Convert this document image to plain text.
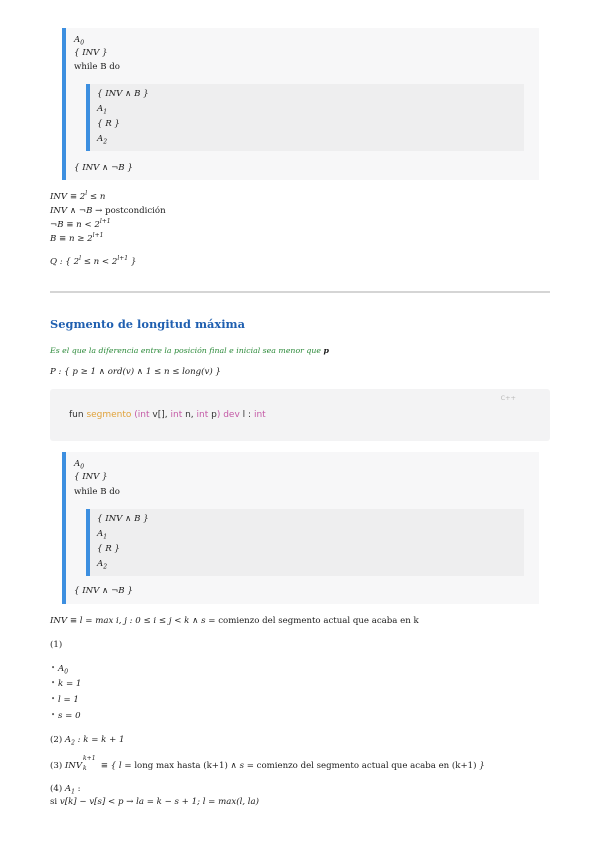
$A_0$
{ INV }
while B do
{ INV ∧ B }
$A_1$
{ R }
$A_2$
{ INV ∧ ¬B }
INV ≡ $2^l \le n$
INV ∧ ¬B → postcondición
¬B ≡ $n < 2^{l+1}$
$B \equiv n \ge 2^{l+1}$
Q : { $2^l \le n < 2^{l+1}$ }
Segmento de longitud máxima
Es el que la diferencia entre la posición final e inicial sea menor que p
P : { p ≥ 1 ∧ ord(v) ∧ 1 ≤ n ≤ long(v) }
C++
fun segmento (int v[], int n, int p) dev l : int
$A_0$
{ INV }
while B do
{ INV ∧ B }
$A_1$
{ R }
$A_2$
{ INV ∧ ¬B }
INV ≡ l = max i, j : 0 ≤ i ≤ j < k ∧ s = comienzo del segmento actual que acaba en k
(1)
• $A_0$
• k = 1
• l = 1
• s = 0
(2) $A_2$ : k = k + 1
(3) INV
k+1
k ≡ { l = long max hasta (k+1) ∧ s = comienzo del segmento actual que acaba en (k+1) }
(4) $A_1$ :
si v[k] − v[s] < p → la = k − s + 1; l = max(l, la)
